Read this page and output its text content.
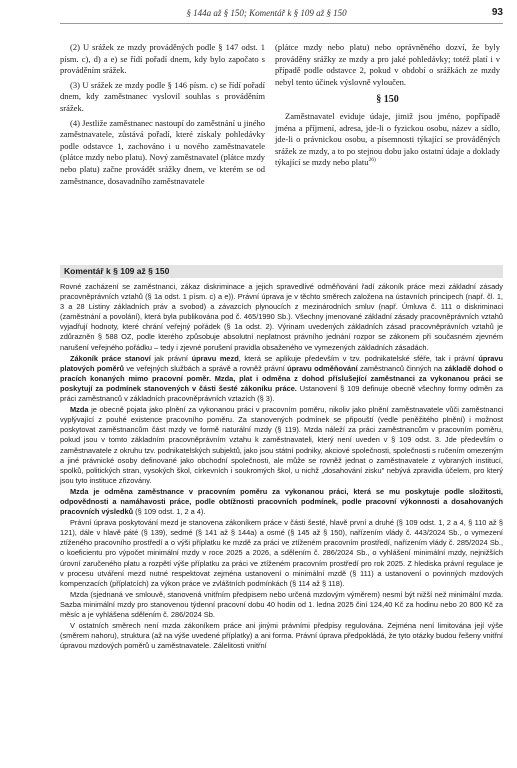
§ 144a až § 150; Komentář k § 109 až § 150	93

(2) U srážek ze mzdy prováděných podle § 147 odst. 1 písm. c), d) a e) se řídí pořadí dnem, kdy bylo započato s prováděním srážek.

(3) U srážek ze mzdy podle § 146 písm. c) se řídí pořadí dnem, kdy zaměstnanec vyslovil souhlas s prováděním srážek.

(4) Jestliže zaměstnanec nastoupí do zaměstnání u jiného zaměstnavatele, zůstává pořadí, které získaly pohledávky podle odstavce 1, zachováno i u nového zaměstnavatele (plátce mzdy nebo platu). Nový zaměstnavatel (plátce mzdy nebo platu) začne provádět srážky dnem, ve kterém se od zaměstnance, dosavadního zaměstnavatele

(plátce mzdy nebo platu) nebo oprávněného dozví, že byly prováděny srážky ze mzdy a pro jaké pohledávky; totéž platí i v případě podle odstavce 2, pokud v období o srážkách ze mzdy nebyl tento účinek výslovně vyloučen.

§ 150

Zaměstnavatel eviduje údaje, jimiž jsou jméno, popřípadě jména a příjmení, adresa, jde-li o fyzickou osobu, název a sídlo, jde-li o právnickou osobu, a písemnosti týkající se prováděných srážek ze mzdy, a to po stejnou dobu jako ostatní údaje a doklady týkající se mzdy nebo platu$^{26)}$

Komentář k § 109 až § 150

Rovné zacházení se zaměstnanci, zákaz diskriminace a jejich spravedlivé odměňování řadí zákoník práce mezi základní zásady pracovněprávních vztahů (§ 1a odst. 1 písm. c) a e)). Právní úprava je v těchto směrech založena na ústavních principech (např. čl. 1, 3 a 28 Listiny základních práv a svobod) a závazcích plynoucích z mezinárodních smluv (např. Úmluva č. 111 o diskriminaci (zaměstnání a povolání), která byla publikována pod č. 465/1990 Sb.). Všechny jmenované základní zásady pracovněprávních vztahů vyjadřují hodnoty, které chrání veřejný pořádek (§ 1a odst. 2). Výrinam uvedených základních zásad pracovněprávních vztahů je zdůrazněn § 588 OZ, podle kterého způsobuje absolutní neplatnost právního jednání rozpor se zákonem při současném zjevném narušení veřejného pořádku – tedy i zjevné porušení pravidla obsaženého ve vymezených základních zásadách.

Zákoník práce stanoví jak právní úpravu mezd, která se aplikuje především v tzv. podnikatelské sféře, tak i právní úpravu platových poměrů ve veřejných službách a správě a rovněž právní úpravu odměňování zaměstnanců činných na základě dohod o pracích konaných mimo pracovní poměr. Mzda, plat i odměna z dohod příslušející zaměstnanci za vykonanou práci se poskytují za podmínek stanovených v části šesté zákoníku práce. Ustanovení § 109 definuje obecně všechny formy odměn za práci zaměstnanců v základních pracovněprávních vztazích (§ 3).

Mzda je obecně pojata jako plnění za vykonanou práci v pracovním poměru, nikoliv jako plnění zaměstnavatele vůči zaměstnanci vyplývající z pouhé existence pracovního poměru. Za stanovených podmínek se připouští (vedle peněžitého plnění) i možnost poskytovat zaměstnancům část mzdy ve formě naturální mzdy (§ 119). Mzda náleží za práci zaměstnancům v pracovním poměru, pokud jsou v tomto základním pracovněprávním vztahu k zaměstnavateli, který není uveden v § 109 odst. 3. Jde především o zaměstnavatele z okruhu tzv. podnikatelských subjektů, jako jsou státní podniky, akciové společnosti, společnosti s ručením omezeným a jiné právnické osoby definované jako obchodní společnosti, ale může se rovněž jednat o zaměstnavatele z vybraných institucí, spolků, politických stran, vysokých škol, církevních i soukromých škol, u nichž „dosahování zisku" nebývá zpravidla účelem, pro který jsou tyto instituce zřizovány.

Mzda je odměna zaměstnance v pracovním poměru za vykonanou práci, která se mu poskytuje podle složitosti, odpovědnosti a namáhavosti práce, podle obtížnosti pracovních podmínek, podle pracovní výkonnosti a dosahovaných pracovních výsledků (§ 109 odst. 1, 2 a 4).

Právní úprava poskytování mezd je stanovena zákoníkem práce v části šesté, hlavě první a druhé (§ 109 odst. 1, 2 a 4, § 110 až § 121), dále v hlavě páté (§ 139), sedmé (§ 141 až § 144a) a osmé (§ 145 až § 150), nařízením vlády č. 443/2024 Sb., o vymezení ztíženého pracovního prostředí a o výši příplatku ke mzdě za práci ve ztíženém pracovním prostředí, nařízením vlády č. 285/2024 Sb., o koeficientu pro výpočet minimální mzdy v roce 2025 a 2026, a sdělením č. 286/2024 Sb., o vyhlášení minimální mzdy, nejnižších úrovní zaručeného platu a rozpětí výše příplatku za práci ve ztíženém pracovním prostředí pro rok 2025. Z hlediska právní regulace je v procesu utváření mezd nutné respektovat zejména ustanovení o minimální mzdě (§ 111) a ustanovení o povinných mzdových kompenzacích (příplatcích) za výkon práce ve zvláštních podmínkách (§ 114 až § 118).

Mzda (sjednaná ve smlouvě, stanovená vnitřním předpisem nebo určená mzdovým výměrem) nesmí být nižší než minimální mzda. Sazba minimální mzdy pro stanovenou týdenní pracovní dobu 40 hodin od 1. ledna 2025 činí 124,40 Kč za hodinu nebo 20 800 Kč za měsíc a je vyhlášena sdělením č. 286/2024 Sb.

V ostatních směrech není mzda zákoníkem práce ani jinými právními předpisy regulována. Zejména není limitována její výše (směrem nahoru), struktura (až na výše uvedené příplatky) a ani forma. Právní úprava předpokládá, že tyto otázky budou řešeny vnitřní úpravou mzdových poměrů u zaměstnavatele. Zálelitosti vnitřní
